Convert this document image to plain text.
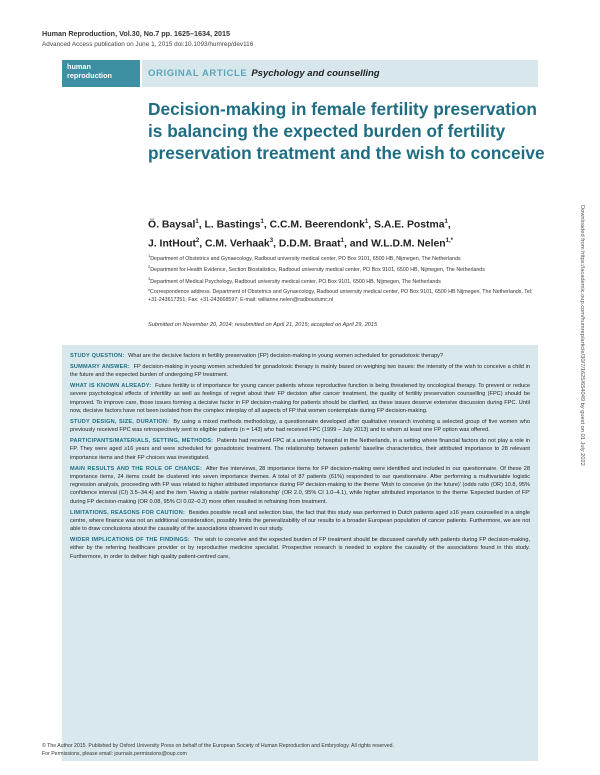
Human Reproduction, Vol.30, No.7 pp. 1625–1634, 2015
Advanced Access publication on June 1, 2015 doi:10.1093/humrep/dev116
human
reproduction	ORIGINAL ARTICLE Psychology and counselling
Decision-making in female fertility preservation is balancing the expected burden of fertility preservation treatment and the wish to conceive
Ö. Baysal$^1$, L. Bastings$^1$, C.C.M. Beerendonk$^1$, S.A.E. Postma$^1$,
J. IntHout$^2$, C.M. Verhaak$^3$, D.D.M. Braat$^1$, and W.L.D.M. Nelen$^{1,*}$
$^1$Department of Obstetrics and Gynaecology, Radboud university medical center, PO Box 9101, 6500 HB, Nijmegen, The Netherlands
$^2$Department for Health Evidence, Section Biostatistics, Radboud university medical center, PO Box 9101, 6500 HB, Nijmegen, The Netherlands
$^3$Department of Medical Psychology, Radboud university medical center, PO Box 9101, 6500 HB, Nijmegen, The Netherlands
*Correspondence address. Department of Obstetrics and Gynaecology, Radboud university medical center, PO Box 9101, 6500 HB Nijmegen, The Netherlands. Tel: +31-243617351; Fax: +31-243668597; E-mail: willianne.nelen@radboudumc.nl
Submitted on November 20, 2014; resubmitted on April 21, 2015; accepted on April 29, 2015

STUDY QUESTION: What are the decisive factors in fertility preservation (FP) decision-making in young women scheduled for gonadotoxic therapy?

SUMMARY ANSWER: FP decision-making in young women scheduled for gonadotoxic therapy is mainly based on weighing two issues: the intensity of the wish to conceive a child in the future and the expected burden of undergoing FP treatment.

WHAT IS KNOWN ALREADY: Future fertility is of importance for young cancer patients whose reproductive function is being threatened by oncological therapy. To prevent or reduce severe psychological effects of infertility as well as feelings of regret about their FP decision after cancer treatment, the quality of fertility preservation counselling (FPC) should be improved. To improve care, those issues forming a decisive factor in FP decision-making for patients should be clarified, as these issues deserve extensive discussion during FPC. Until now, decisive factors have not been isolated from the complex interplay of all aspects of FP that women contemplate during FP decision-making.

STUDY DESIGN, SIZE, DURATION: By using a mixed methods methodology, a questionnaire developed after qualitative research involving a selected group of five women who previously received FPC was retrospectively sent to eligible patients (n = 143) who had received FPC (1999 – July 2013) and to whom at least one FP option was offered.

PARTICIPANTS/MATERIALS, SETTING, METHODS: Patients had received FPC at a university hospital in the Netherlands, in a setting where financial factors do not play a role in FP. They were aged ≥16 years and were scheduled for gonadotoxic treatment. The relationship between patients' baseline characteristics, their attributed importance to 28 relevant importance items and their FP choices was investigated.

MAIN RESULTS AND THE ROLE OF CHANCE: After five interviews, 28 importance items for FP decision-making were identified and included in our questionnaire. Of these 28 importance items, 24 items could be clustered into seven importance themes. A total of 87 patients (61%) responded to our questionnaire. After performing a multivariable logistic regression analysis, proceeding with FP was related to higher attributed importance during FP decision-making to the theme 'Wish to conceive (in the future)' (odds ratio (OR) 10.8, 95% confidence interval (CI) 3.5–34.4) and the item 'Having a stable partner relationship' (OR 2.0, 95% CI 1.0–4.1), while higher attributed importance to the theme 'Expected burden of FP' during FP decision-making (OR 0.08, 95% CI 0.02–0.3) more often resulted in refraining from treatment.

LIMITATIONS, REASONS FOR CAUTION: Besides possible recall and selection bias, the fact that this study was performed in Dutch patients aged ≥16 years counselled in a single centre, where finance was not an additional consideration, possibly limits the generalizability of our results to a broader European population of cancer patients. Furthermore, we are not able to draw conclusions about the causality of the associations observed in our study.

WIDER IMPLICATIONS OF THE FINDINGS: The wish to conceive and the expected burden of FP treatment should be discussed carefully with patients during FP decision-making, either by the referring healthcare provider or by reproductive medicine specialist. Prospective research is needed to explore the causality of the associations found in this study. Furthermore, in order to deliver high quality patient-centred care,

© The Author 2015. Published by Oxford University Press on behalf of the European Society of Human Reproduction and Embryology. All rights reserved.
For Permissions, please email: journals.permissions@oup.com
Downloaded from https://academic.oup.com/humrep/article/30/7/1625/654049 by guest on 01 July 2022
